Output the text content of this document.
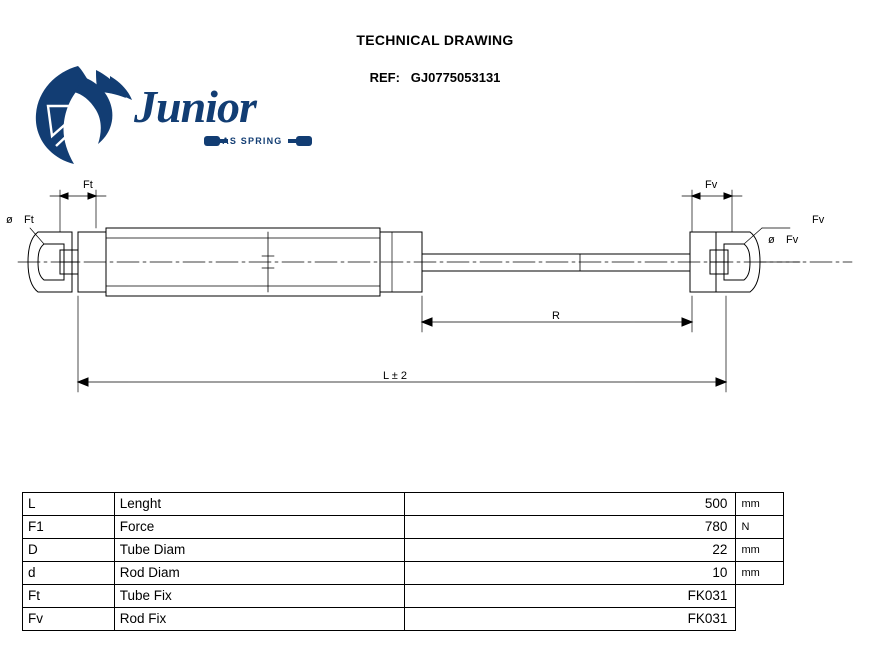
TECHNICAL DRAWING
REF: GJ0775053131
Junior
GAS SPRING
Ft
ø Ft
Fv
ø Fv
Fv
R
L ± 2
L	Lenght	500	mm
F1	Force	780	N
D	Tube Diam	22	mm
d	Rod Diam	10	mm
Ft	Tube Fix	FK031	
Fv	Rod Fix	FK031	
